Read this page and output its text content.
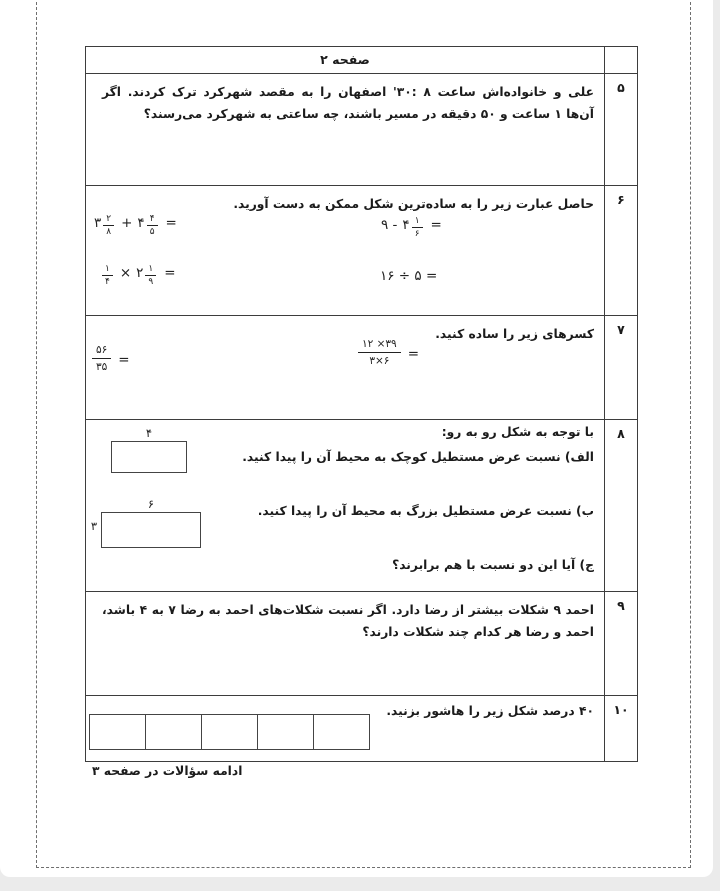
صفحه ۲
علی و خانواده‌اش ساعت ۸ :۳۰' اصفهان را به مقصد شهرکرد ترک کردند. اگر آن‌ها ۱ ساعت و ۵۰ دقیقه در مسیر باشند، چه ساعتی به شهرکرد می‌رسند؟
۵
حاصل عبارت زیر را به ساده‌ترین شکل ممکن به دست آورید.
۳ $\frac{۲}{۸}$ + ۴ $\frac{۴}{۵}$ =	۹ - ۴ $\frac{۱}{۶}$ =
$\frac{۱}{۴}$ × ۲ $\frac{۱}{۹}$ =	۱۶ ÷ ۵ =
۶
کسرهای زیر را ساده کنید.
۱۲ ×۳۹
۳×۶	=
۵۶
۳۵ =
۷
با توجه به شکل رو به رو:
الف) نسبت عرض مستطیل کوچک به محیط آن را پیدا کنید.
ب) نسبت عرض مستطیل بزرگ به محیط آن را پیدا کنید.
ج) آیا این دو نسبت با هم برابرند؟
۴
۶
۳
۸
احمد ۹ شکلات بیشتر از رضا دارد. اگر نسبت شکلات‌های احمد به رضا ۷ به ۴ باشد، احمد و رضا هر کدام چند شکلات دارند؟
۹
۴۰ درصد شکل زیر را هاشور بزنید.	۱۰
ادامه سؤالات در صفحه ۳
